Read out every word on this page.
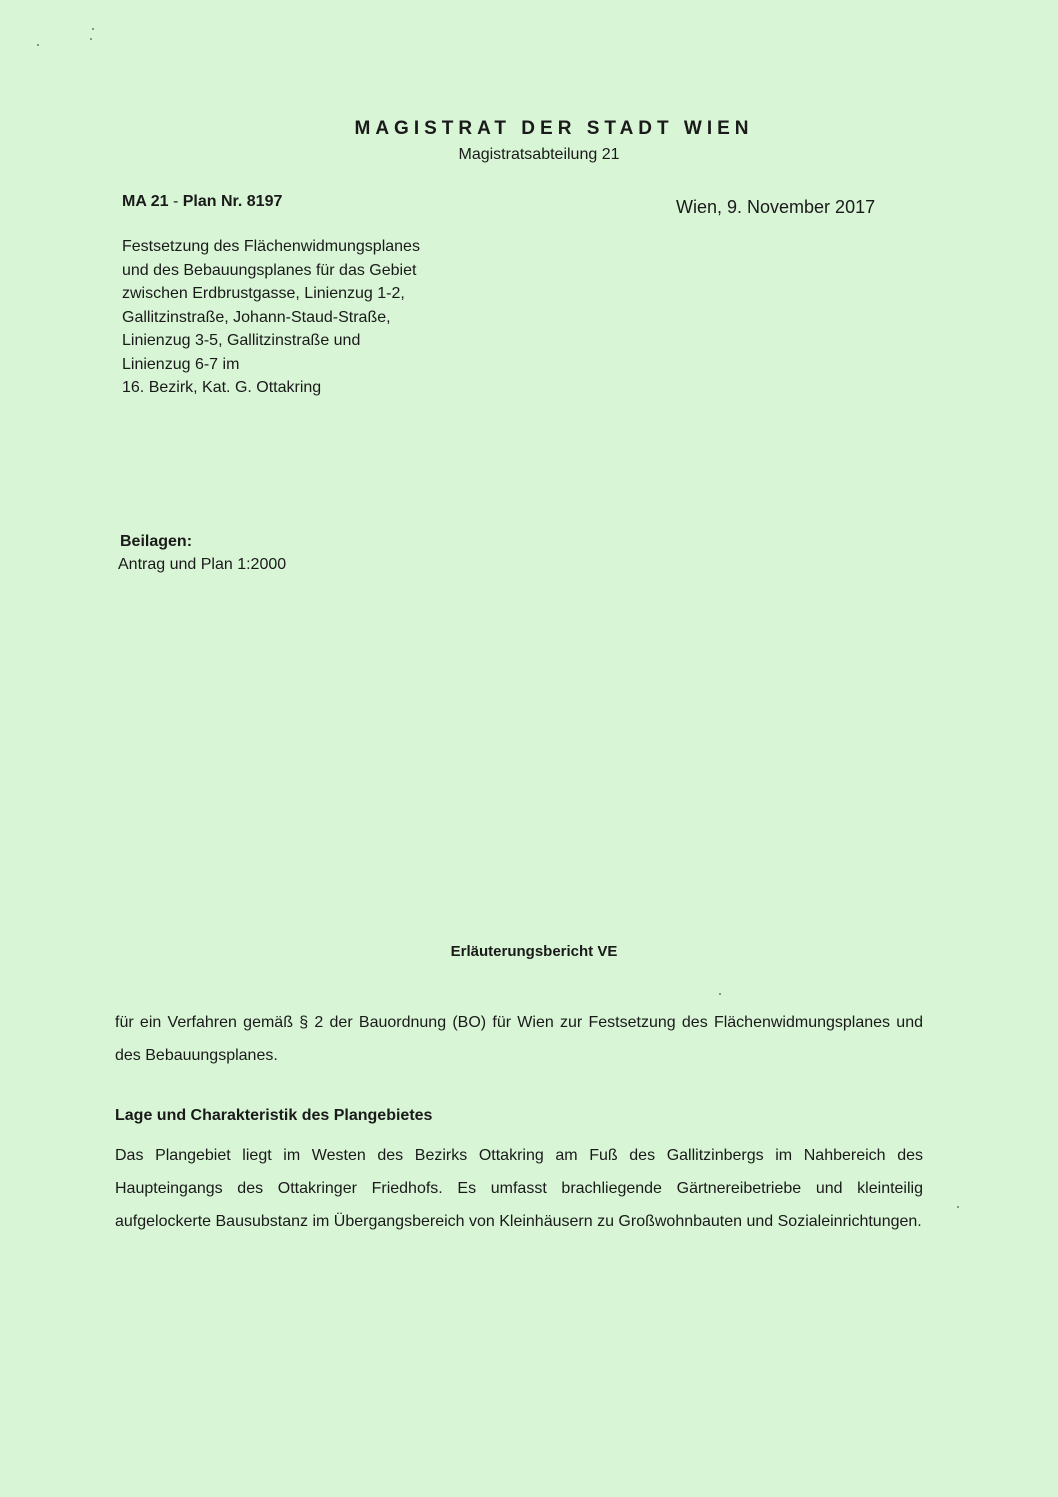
MAGISTRAT DER STADT WIEN
Magistratsabteilung 21
MA 21 - Plan Nr. 8197	Wien, 9. November 2017
Festsetzung des Flächenwidmungsplanes
und des Bebauungsplanes für das Gebiet
zwischen Erdbrustgasse, Linienzug 1-2,
Gallitzinstraße, Johann-Staud-Straße,
Linienzug 3-5, Gallitzinstraße und
Linienzug 6-7 im
16. Bezirk, Kat. G. Ottakring
Beilagen:
Antrag und Plan 1:2000
Erläuterungsbericht VE
für ein Verfahren gemäß § 2 der Bauordnung (BO) für Wien zur Festsetzung des Flächenwidmungsplanes und des Bebauungsplanes.
Lage und Charakteristik des Plangebietes
Das Plangebiet liegt im Westen des Bezirks Ottakring am Fuß des Gallitzinbergs im Nahbereich des Haupteingangs des Ottakringer Friedhofs. Es umfasst brachliegende Gärtnereibetriebe und kleinteilig aufgelockerte Bausubstanz im Übergangsbereich von Kleinhäusern zu Großwohnbauten und Sozialeinrichtungen.
